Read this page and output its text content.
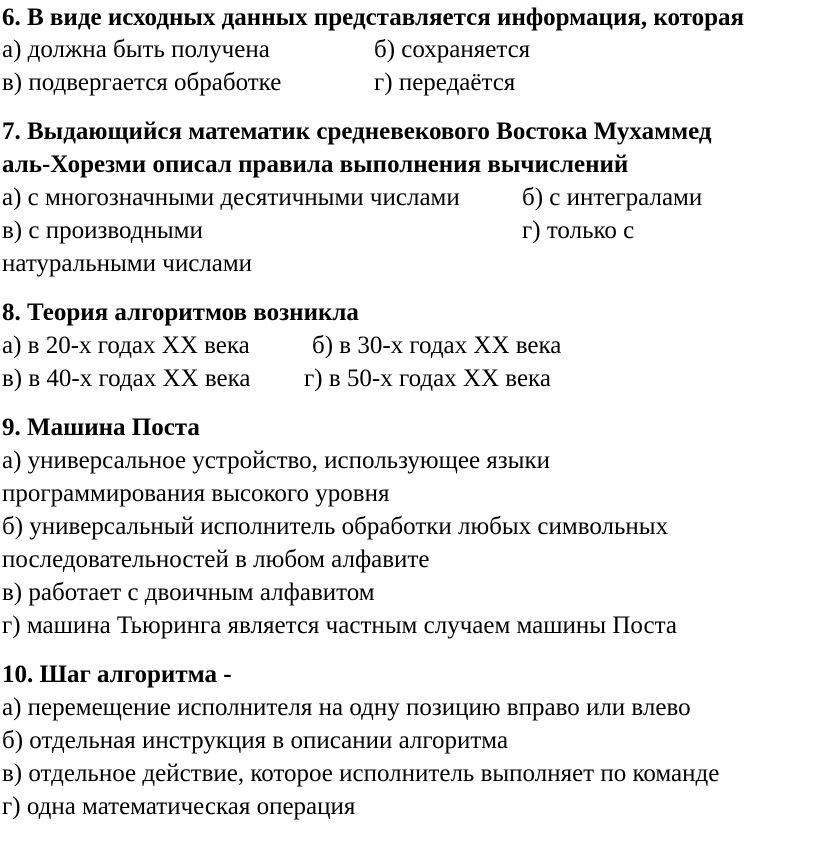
6. В виде исходных данных представляется информация, которая
а) должна быть получена	б) сохраняется
в) подвергается обработке	г) передаётся
7. Выдающийся математик средневекового Востока Мухаммед
аль-Хорезми описал правила выполнения вычислений
а) с многозначными десятичными числами б) с интегралами
в) с производными	г) только с
натуральными числами
8. Теория алгоритмов возникла
а) в 20-х годах XX века б) в 30-х годах XX века
в) в 40-х годах XX века г) в 50-х годах XX века
9. Машина Поста
а) универсальное устройство, использующее языки
программирования высокого уровня
б) универсальный исполнитель обработки любых символьных
последовательностей в любом алфавите
в) работает с двоичным алфавитом
г) машина Тьюринга является частным случаем машины Поста
10. Шаг алгоритма -
а) перемещение исполнителя на одну позицию вправо или влево
б) отдельная инструкция в описании алгоритма
в) отдельное действие, которое исполнитель выполняет по команде
г) одна математическая операция
